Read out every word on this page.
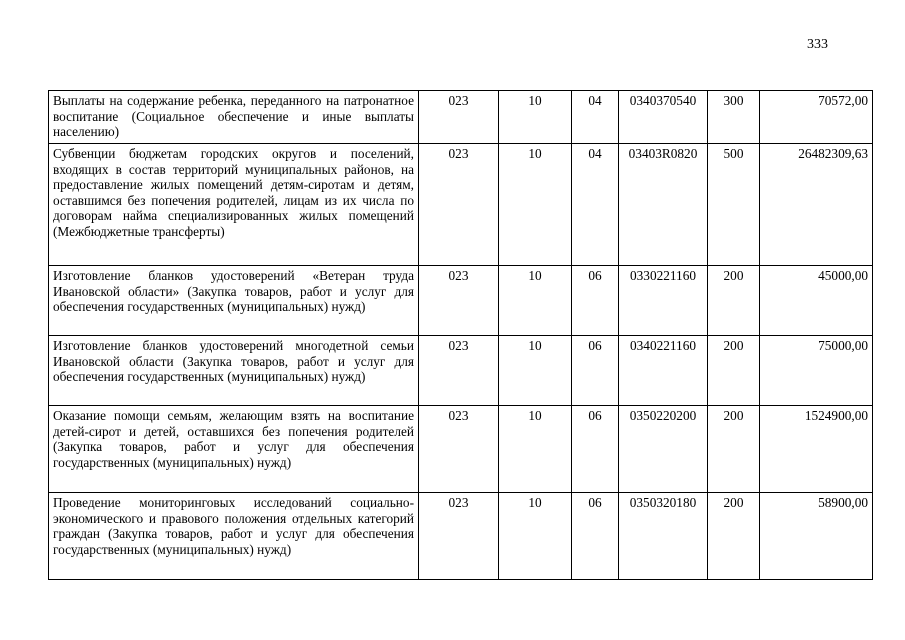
333
Выплаты на содержание ребенка, переданного на патронатное воспитание (Социальное обеспечение и иные выплаты населению)	023	10	04	0340370540	300	70572,00
Субвенции бюджетам городских округов и поселений, входящих в состав территорий муниципальных районов, на предоставление жилых помещений детям-сиротам и детям, оставшимся без попечения родителей, лицам из их числа по договорам найма специализированных жилых помещений (Межбюджетные трансферты)	023	10	04	03403R0820	500	26482309,63
Изготовление бланков удостоверений «Ветеран труда Ивановской области» (Закупка товаров, работ и услуг для обеспечения государственных (муниципальных) нужд)	023	10	06	0330221160	200	45000,00
Изготовление бланков удостоверений многодетной семьи Ивановской области (Закупка товаров, работ и услуг для обеспечения государственных (муниципальных) нужд)	023	10	06	0340221160	200	75000,00
Оказание помощи семьям, желающим взять на воспитание детей-сирот и детей, оставшихся без попечения родителей (Закупка товаров, работ и услуг для обеспечения государственных (муниципальных) нужд)	023	10	06	0350220200	200	1524900,00
Проведение мониторинговых исследований социально-экономического и правового положения отдельных категорий граждан (Закупка товаров, работ и услуг для обеспечения государственных (муниципальных) нужд)	023	10	06	0350320180	200	58900,00
